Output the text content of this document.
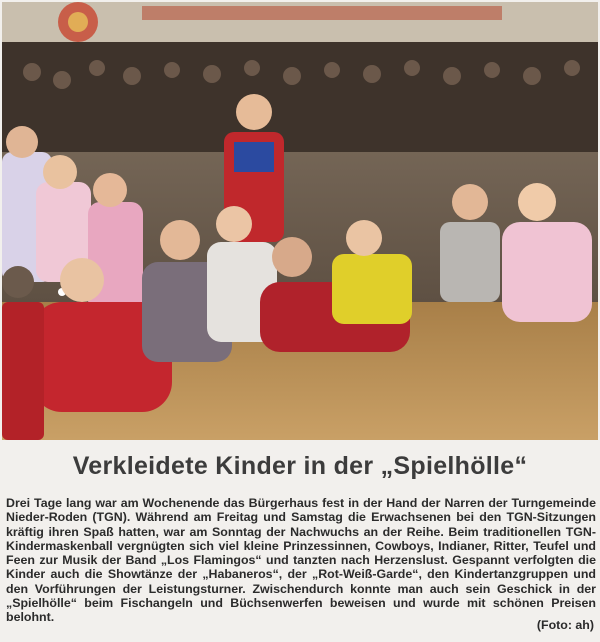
Verkleidete Kinder in der „Spielhölle“
Drei Tage lang war am Wochenende das Bürgerhaus fest in der Hand der Narren der Turngemeinde Nieder-Roden (TGN). Während am Freitag und Samstag die Erwachsenen bei den TGN-Sitzungen kräftig ihren Spaß hatten, war am Sonntag der Nachwuchs an der Reihe. Beim traditionellen TGN-Kindermaskenball vergnügten sich viel kleine Prinzessinnen, Cowboys, Indianer, Ritter, Teufel und Feen zur Musik der Band „Los Flamingos“ und tanzten nach Herzenslust. Gespannt verfolgten die Kinder auch die Showtänze der „Habaneros“, der „Rot-Weiß-Garde“, den Kindertanzgruppen und den Vorführungen der Leistungsturner. Zwischendurch konnte man auch sein Geschick in der „Spielhölle“ beim Fischangeln und Büchsenwerfen beweisen und wurde mit schönen Preisen belohnt.
(Foto: ah)
